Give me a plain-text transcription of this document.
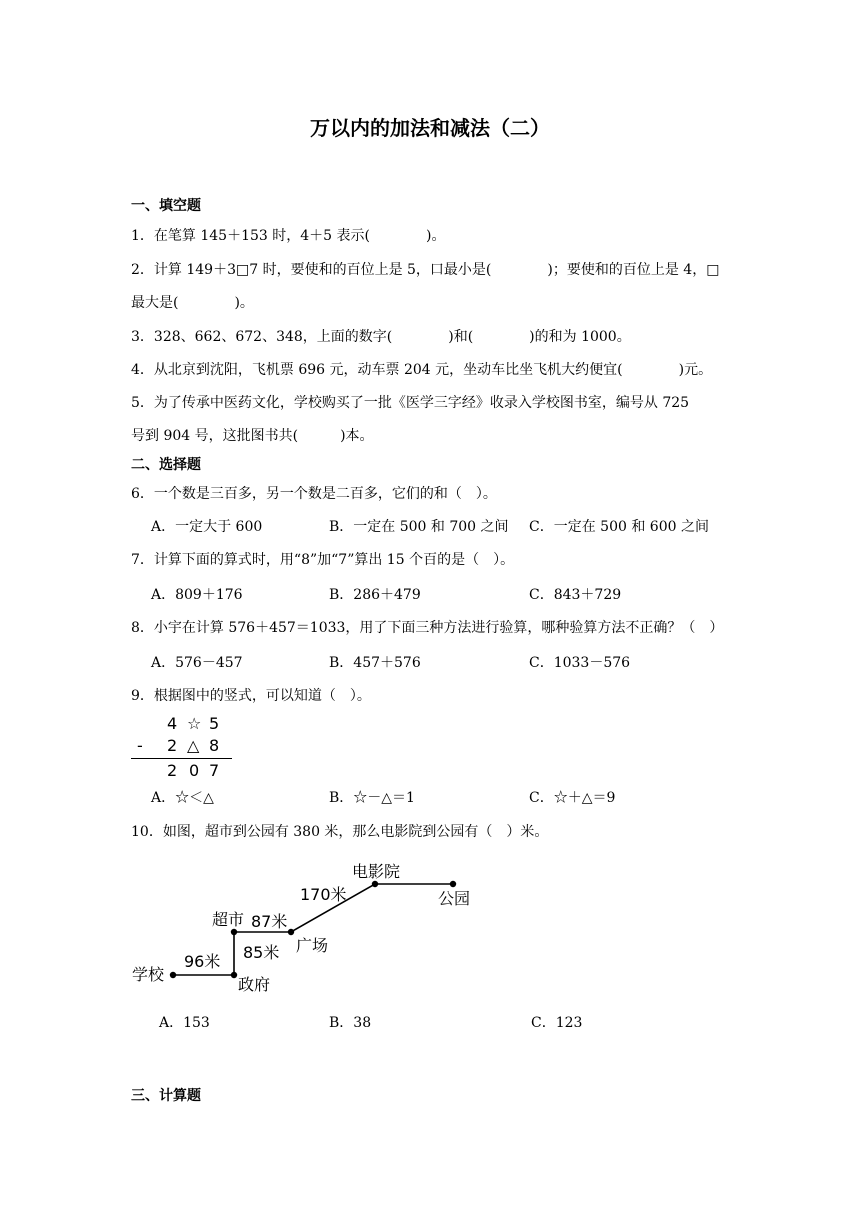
万以内的加法和减法（二）
一、填空题
1．在笔算 145＋153 时，4＋5 表示(　　　　)。
2．计算 149＋3□7 时，要使和的百位上是 5，口最小是(　　　　)；要使和的百位上是 4，□
最大是(　　　　)。
3．328、662、672、348，上面的数字(　　　　)和(　　　　)的和为 1000。
4．从北京到沈阳，飞机票 696 元，动车票 204 元，坐动车比坐飞机大约便宜(　　　　)元。
5．为了传承中医药文化，学校购买了一批《医学三字经》收录入学校图书室，编号从 725
号到 904 号，这批图书共(　　　)本。
二、选择题
6．一个数是三百多，另一个数是二百多，它们的和（　）。
A．一定大于 600	B．一定在 500 和 700 之间 C．一定在 500 和 600 之间
7．计算下面的算式时，用“8”加“7”算出 15 个百的是（　）。
A．809＋176	B．286＋479	C．843＋729
8．小宇在计算 576＋457＝1033，用了下面三种方法进行验算，哪种验算方法不正确？（　）
A．576－457	B．457＋576	C．1033－576
9．根据图中的竖式，可以知道（　）。
4 ☆ 5
- 2 △ 8
2 0 7
A．☆＜△	B．☆－△＝1	C．☆＋△＝9
10．如图，超市到公园有 380 米，那么电影院到公园有（　）米。
学校
政府
超市
广场
电影院
公园
96米 85米
87米
170米
A．153	B．38	C．123
三、计算题
